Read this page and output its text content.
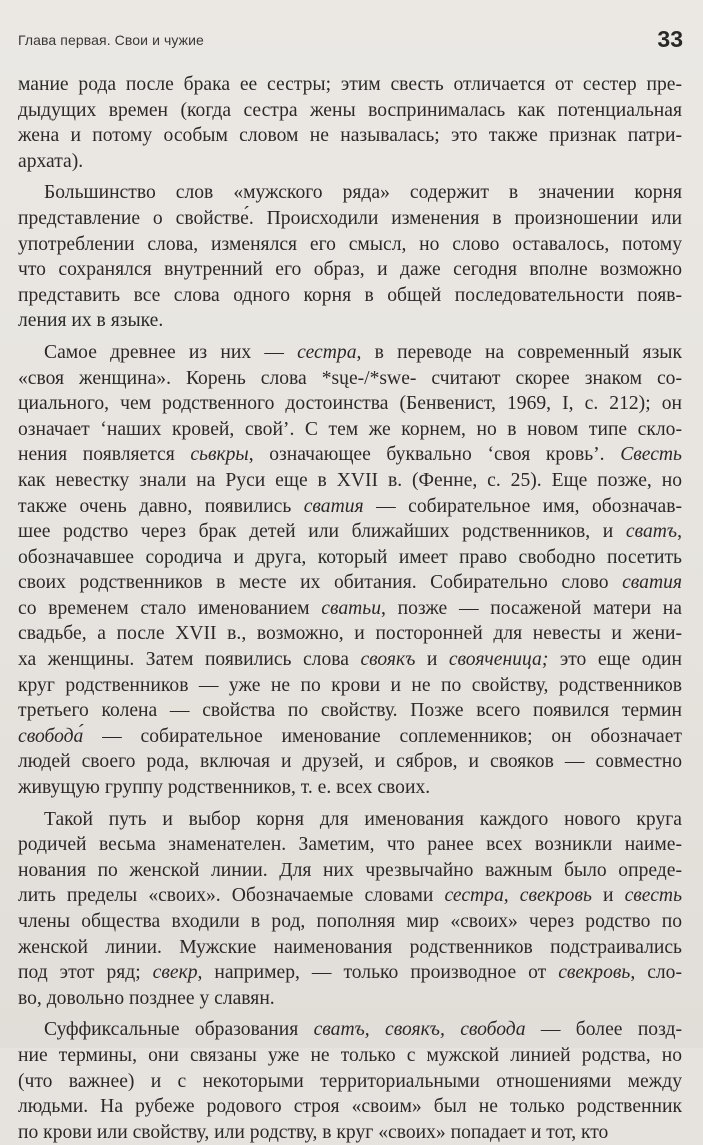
Глава первая. Свои и чужие	33
мание рода после брака ее сестры; этим свесть отличается от сестер пре-
дыдущих времен (когда сестра жены воспринималась как потенциальная
жена и потому особым словом не называлась; это также признак патри-
архата).
Большинство слов «мужского ряда» содержит в значении корня
представление о свойстве́. Происходили изменения в произношении или
употреблении слова, изменялся его смысл, но слово оставалось, потому
что сохранялся внутренний его образ, и даже сегодня вполне возможно
представить все слова одного корня в общей последовательности появ-
ления их в языке.
Самое древнее из них — сестра, в переводе на современный язык
«своя женщина». Корень слова *sųe-/*swe- считают скорее знаком со-
циального, чем родственного достоинства (Бенвенист, 1969, I, с. 212); он
означает ‘наших кровей, свой’. С тем же корнем, но в новом типе скло-
нения появляется сьвкры, означающее буквально ‘своя кровь’. Свесть
как невестку знали на Руси еще в XVII в. (Фенне, с. 25). Еще позже, но
также очень давно, появились сватия — собирательное имя, обозначав-
шее родство через брак детей или ближайших родственников, и сватъ,
обозначавшее сородича и друга, который имеет право свободно посетить
своих родственников в месте их обитания. Собирательно слово сватия
со временем стало именованием сватьи, позже — посаженой матери на
свадьбе, а после XVII в., возможно, и посторонней для невесты и жени-
ха женщины. Затем появились слова своякъ и свояченица; это еще один
круг родственников — уже не по крови и не по свойству, родственников
третьего колена — свойства по свойству. Позже всего появился термин
свобода́ — собирательное именование соплеменников; он обозначает
людей своего рода, включая и друзей, и сябров, и свояков — совместно
живущую группу родственников, т. е. всех своих.
Такой путь и выбор корня для именования каждого нового круга
родичей весьма знаменателен. Заметим, что ранее всех возникли наиме-
нования по женской линии. Для них чрезвычайно важным было опреде-
лить пределы «своих». Обозначаемые словами сестра, свекровь и свесть
члены общества входили в род, пополняя мир «своих» через родство по
женской линии. Мужские наименования родственников подстраивались
под этот ряд; свекр, например, — только производное от свекровь, сло-
во, довольно позднее у славян.
Суффиксальные образования сватъ, своякъ, свобода — более позд-
ние термины, они связаны уже не только с мужской линией родства, но
(что важнее) и с некоторыми территориальными отношениями между
людьми. На рубеже родового строя «своим» был не только родственник
по крови или свойству, или родству, в круг «своих» попадает и тот, кто
